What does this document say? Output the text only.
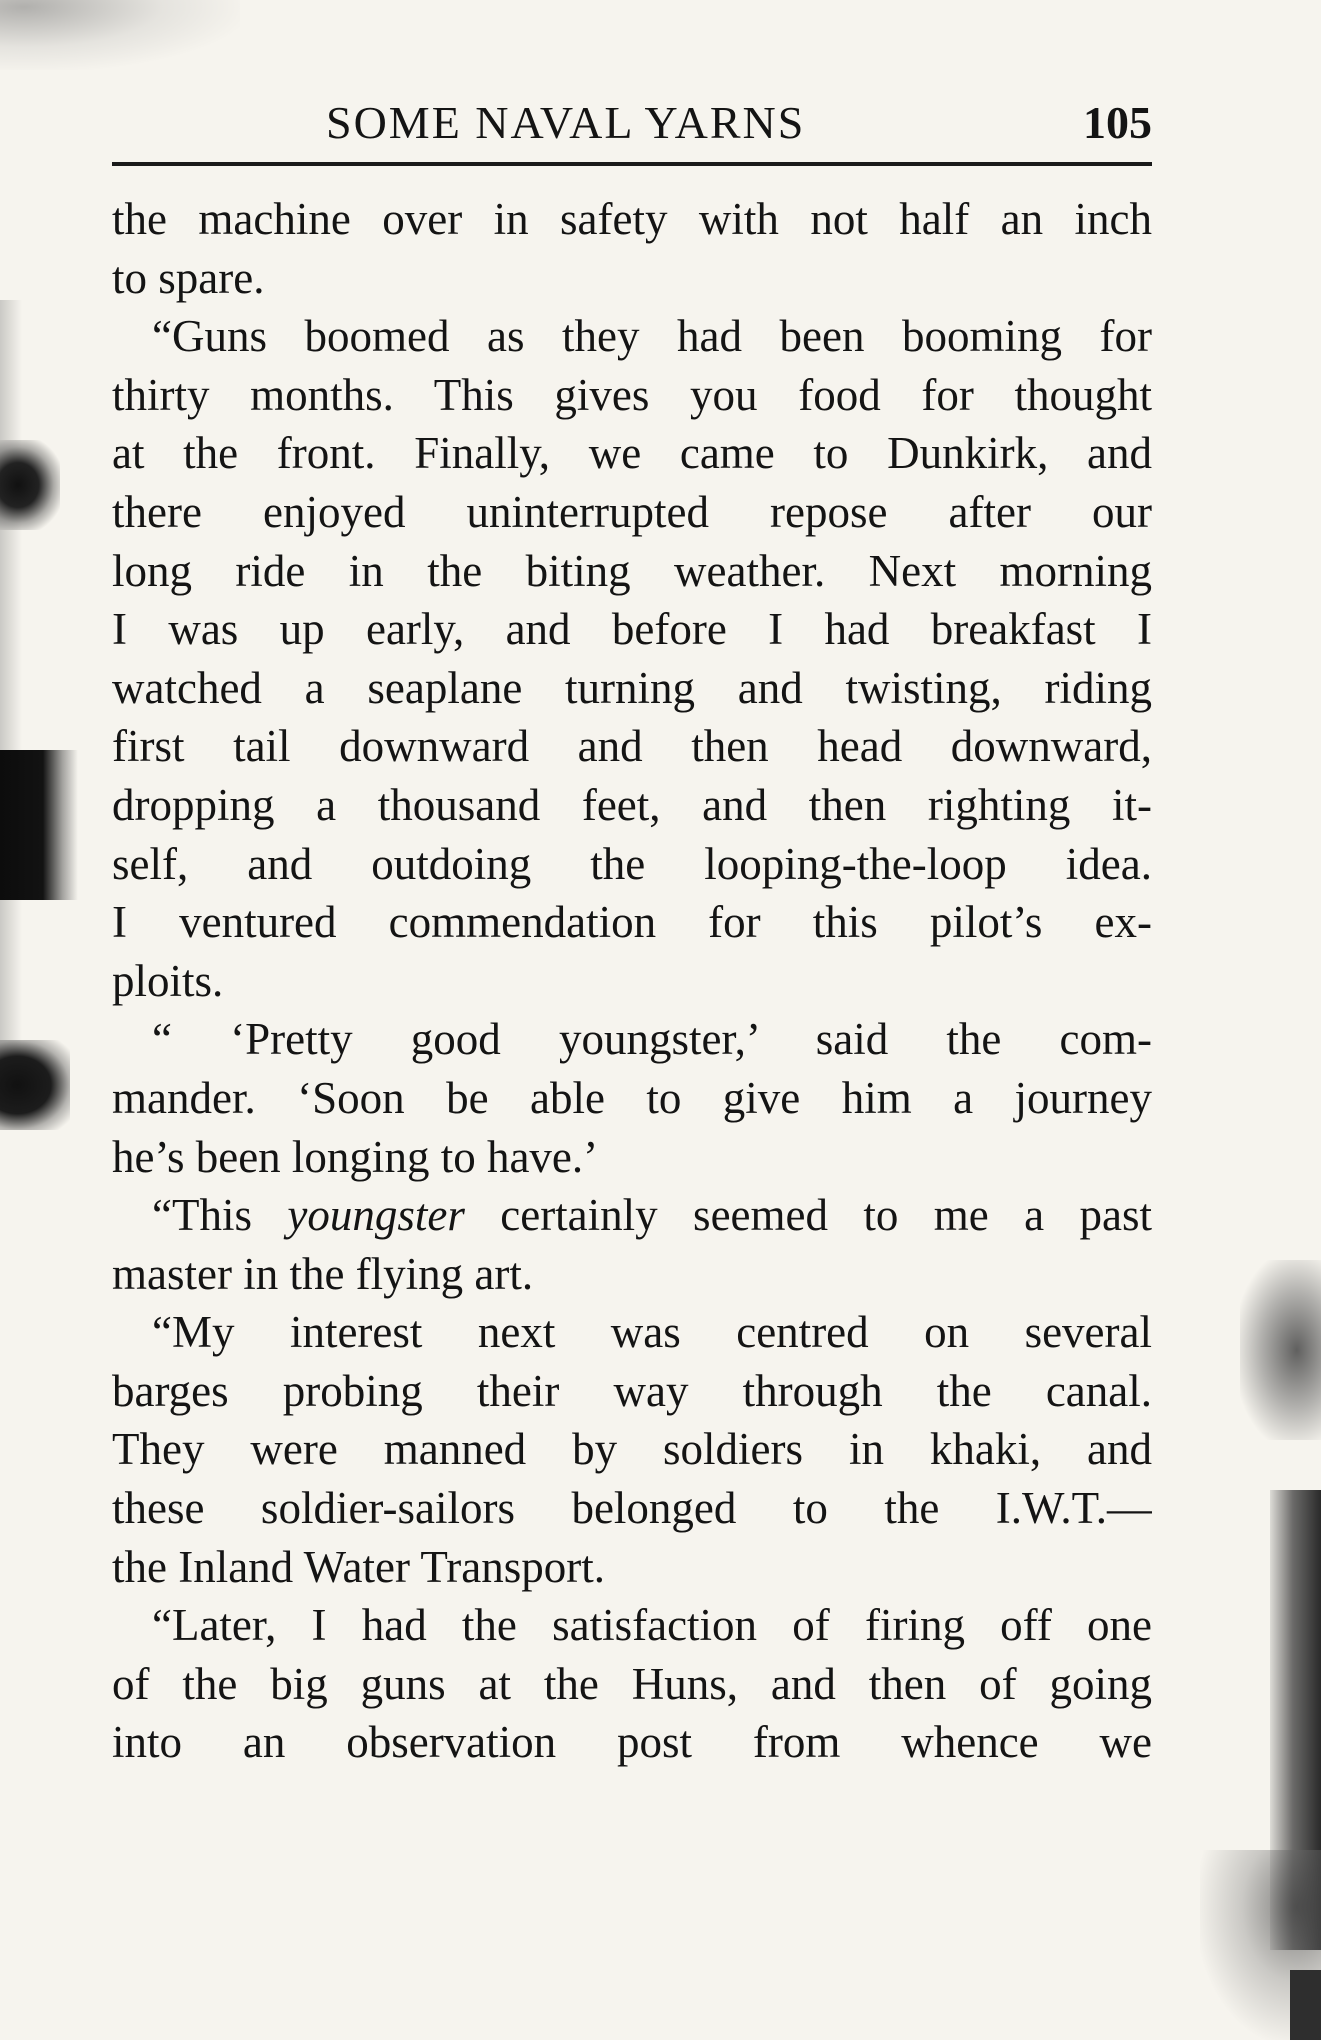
SOME NAVAL YARNS	105
the machine over in safety with not half an inch
to spare.
“Guns boomed as they had been booming for
thirty months. This gives you food for thought
at the front. Finally, we came to Dunkirk, and
there enjoyed uninterrupted repose after our
long ride in the biting weather. Next morning
I was up early, and before I had breakfast I
watched a seaplane turning and twisting, riding
first tail downward and then head downward,
dropping a thousand feet, and then righting it-
self, and outdoing the looping-the-loop idea.
I ventured commendation for this pilot’s ex-
ploits.
“ ‘Pretty good youngster,’ said the com-
mander. ‘Soon be able to give him a journey
he’s been longing to have.’
“This youngster certainly seemed to me a past
master in the flying art.
“My interest next was centred on several
barges probing their way through the canal.
They were manned by soldiers in khaki, and
these soldier-sailors belonged to the I.W.T.—
the Inland Water Transport.
“Later, I had the satisfaction of firing off one
of the big guns at the Huns, and then of going
into an observation post from whence we
